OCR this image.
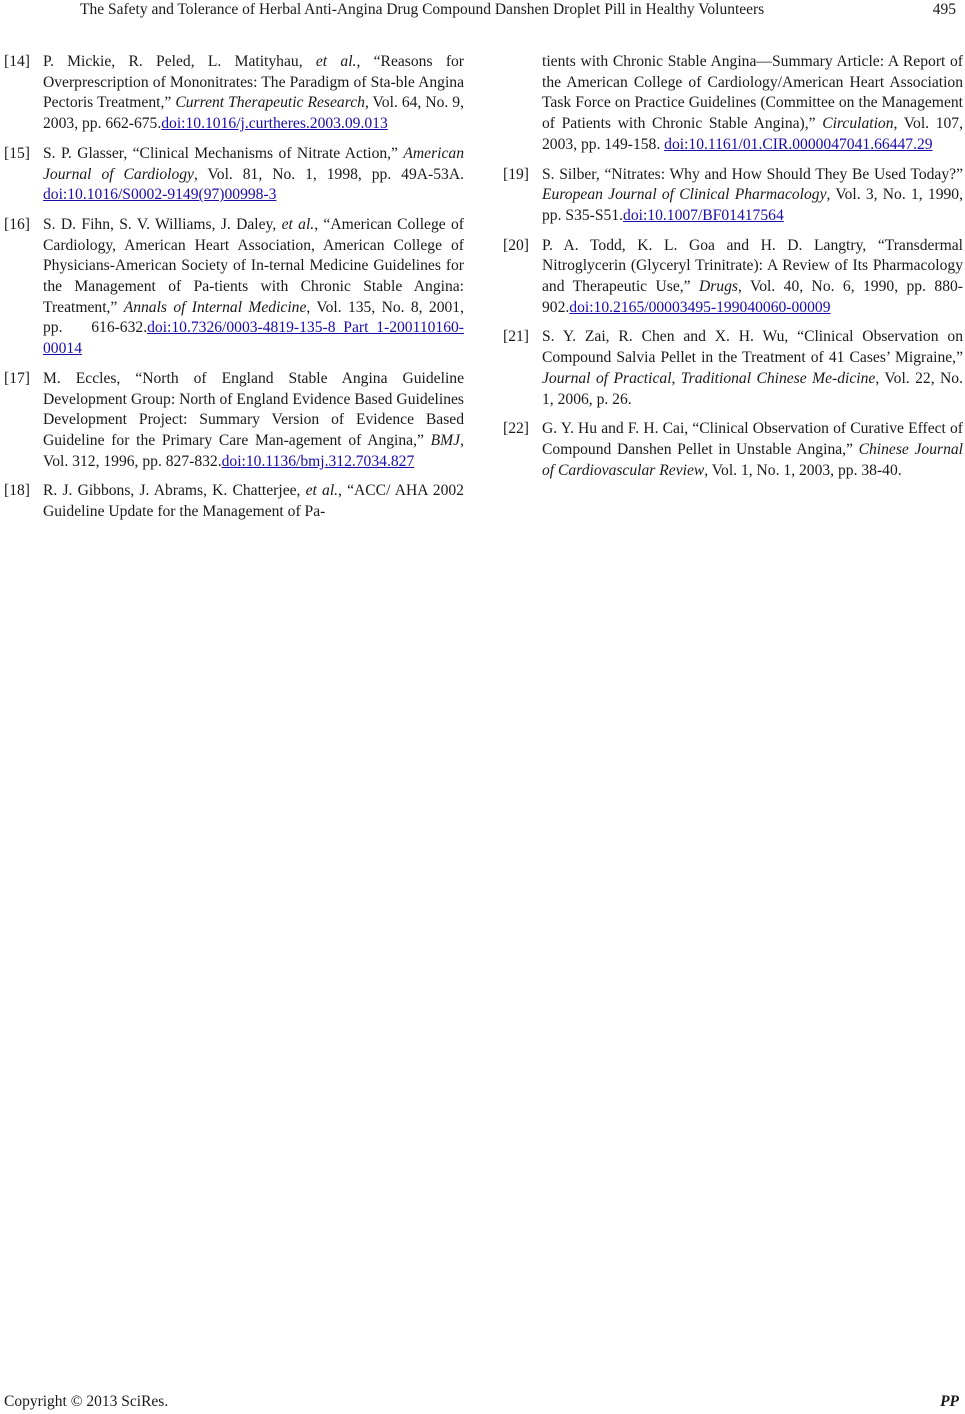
The Safety and Tolerance of Herbal Anti-Angina Drug Compound Danshen Droplet Pill in Healthy Volunteers	495
[14] P. Mickie, R. Peled, L. Matityhau, et al., “Reasons for Overprescription of Mononitrates: The Paradigm of Sta-ble Angina Pectoris Treatment,” Current Therapeutic Research, Vol. 64, No. 9, 2003, pp. 662-675.doi:10.1016/j.curtheres.2003.09.013
[15] S. P. Glasser, “Clinical Mechanisms of Nitrate Action,” American Journal of Cardiology, Vol. 81, No. 1, 1998, pp. 49A-53A. doi:10.1016/S0002-9149(97)00998-3
[16] S. D. Fihn, S. V. Williams, J. Daley, et al., “American College of Cardiology, American Heart Association, American College of Physicians-American Society of In-ternal Medicine Guidelines for the Management of Pa-tients with Chronic Stable Angina: Treatment,” Annals of Internal Medicine, Vol. 135, No. 8, 2001, pp. 616-632.doi:10.7326/0003-4819-135-8_Part_1-200110160-00014
[17] M. Eccles, “North of England Stable Angina Guideline Development Group: North of England Evidence Based Guidelines Development Project: Summary Version of Evidence Based Guideline for the Primary Care Man-agement of Angina,” BMJ, Vol. 312, 1996, pp. 827-832.doi:10.1136/bmj.312.7034.827
[18] R. J. Gibbons, J. Abrams, K. Chatterjee, et al., “ACC/ AHA 2002 Guideline Update for the Management of Pa-
tients with Chronic Stable Angina—Summary Article: A Report of the American College of Cardiology/American Heart Association Task Force on Practice Guidelines (Committee on the Management of Patients with Chronic Stable Angina),” Circulation, Vol. 107, 2003, pp. 149-158. doi:10.1161/01.CIR.0000047041.66447.29
[19] S. Silber, “Nitrates: Why and How Should They Be Used Today?” European Journal of Clinical Pharmacology, Vol. 3, No. 1, 1990, pp. S35-S51.doi:10.1007/BF01417564
[20] P. A. Todd, K. L. Goa and H. D. Langtry, “Transdermal Nitroglycerin (Glyceryl Trinitrate): A Review of Its Pharmacology and Therapeutic Use,” Drugs, Vol. 40, No. 6, 1990, pp. 880-902.doi:10.2165/00003495-199040060-00009
[21] S. Y. Zai, R. Chen and X. H. Wu, “Clinical Observation on Compound Salvia Pellet in the Treatment of 41 Cases’ Migraine,” Journal of Practical, Traditional Chinese Me-dicine, Vol. 22, No. 1, 2006, p. 26.
[22] G. Y. Hu and F. H. Cai, “Clinical Observation of Curative Effect of Compound Danshen Pellet in Unstable Angina,” Chinese Journal of Cardiovascular Review, Vol. 1, No. 1, 2003, pp. 38-40.
Copyright © 2013 SciRes.	PP
